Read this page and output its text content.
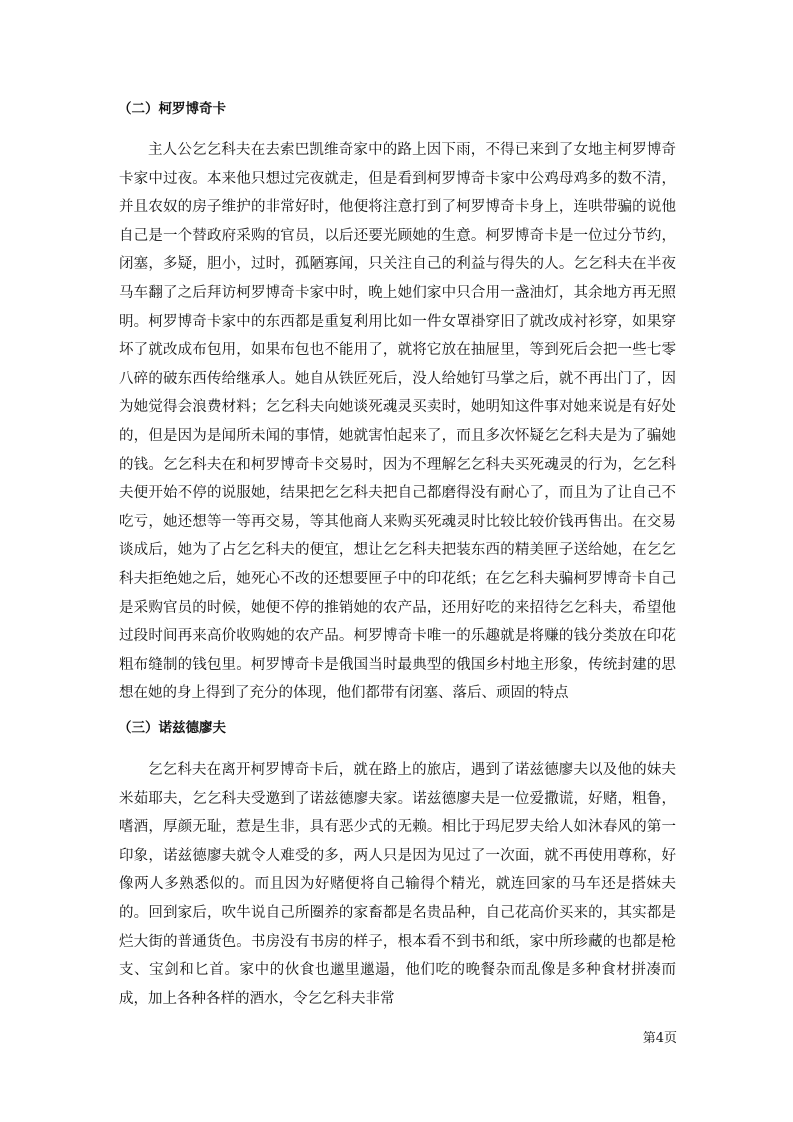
（二）柯罗博奇卡

主人公乞乞科夫在去索巴凯维奇家中的路上因下雨，不得已来到了女地主柯罗博奇卡家中过夜。本来他只想过完夜就走，但是看到柯罗博奇卡家中公鸡母鸡多的数不清，并且农奴的房子维护的非常好时，他便将注意打到了柯罗博奇卡身上，连哄带骗的说他自己是一个替政府采购的官员，以后还要光顾她的生意。柯罗博奇卡是一位过分节约，闭塞，多疑，胆小，过时，孤陋寡闻，只关注自己的利益与得失的人。乞乞科夫在半夜马车翻了之后拜访柯罗博奇卡家中时，晚上她们家中只合用一盏油灯，其余地方再无照明。柯罗博奇卡家中的东西都是重复利用比如一件女罩褂穿旧了就改成衬衫穿，如果穿坏了就改成布包用，如果布包也不能用了，就将它放在抽屉里，等到死后会把一些七零八碎的破东西传给继承人。她自从铁匠死后，没人给她钉马掌之后，就不再出门了，因为她觉得会浪费材料；乞乞科夫向她谈死魂灵买卖时，她明知这件事对她来说是有好处的，但是因为是闻所未闻的事情，她就害怕起来了，而且多次怀疑乞乞科夫是为了骗她的钱。乞乞科夫在和柯罗博奇卡交易时，因为不理解乞乞科夫买死魂灵的行为，乞乞科夫便开始不停的说服她，结果把乞乞科夫把自己都磨得没有耐心了，而且为了让自己不吃亏，她还想等一等再交易，等其他商人来购买死魂灵时比较比较价钱再售出。在交易谈成后，她为了占乞乞科夫的便宜，想让乞乞科夫把装东西的精美匣子送给她，在乞乞科夫拒绝她之后，她死心不改的还想要匣子中的印花纸；在乞乞科夫骗柯罗博奇卡自己是采购官员的时候，她便不停的推销她的农产品，还用好吃的来招待乞乞科夫，希望他过段时间再来高价收购她的农产品。柯罗博奇卡唯一的乐趣就是将赚的钱分类放在印花粗布缝制的钱包里。柯罗博奇卡是俄国当时最典型的俄国乡村地主形象，传统封建的思想在她的身上得到了充分的体现，他们都带有闭塞、落后、顽固的特点

（三）诺兹德廖夫

乞乞科夫在离开柯罗博奇卡后，就在路上的旅店，遇到了诺兹德廖夫以及他的妹夫米茹耶夫，乞乞科夫受邀到了诺兹德廖夫家。诺兹德廖夫是一位爱撒谎，好赌，粗鲁，嗜酒，厚颜无耻，惹是生非，具有恶少式的无赖。相比于玛尼罗夫给人如沐春风的第一印象，诺兹德廖夫就令人难受的多，两人只是因为见过了一次面，就不再使用尊称，好像两人多熟悉似的。而且因为好赌便将自己输得个精光，就连回家的马车还是搭妹夫的。回到家后，吹牛说自己所圈养的家畜都是名贵品种，自己花高价买来的，其实都是烂大街的普通货色。书房没有书房的样子，根本看不到书和纸，家中所珍藏的也都是枪支、宝剑和匕首。家中的伙食也邋里邋遢，他们吃的晚餐杂而乱像是多种食材拼凑而成，加上各种各样的酒水，令乞乞科夫非常

第4页
